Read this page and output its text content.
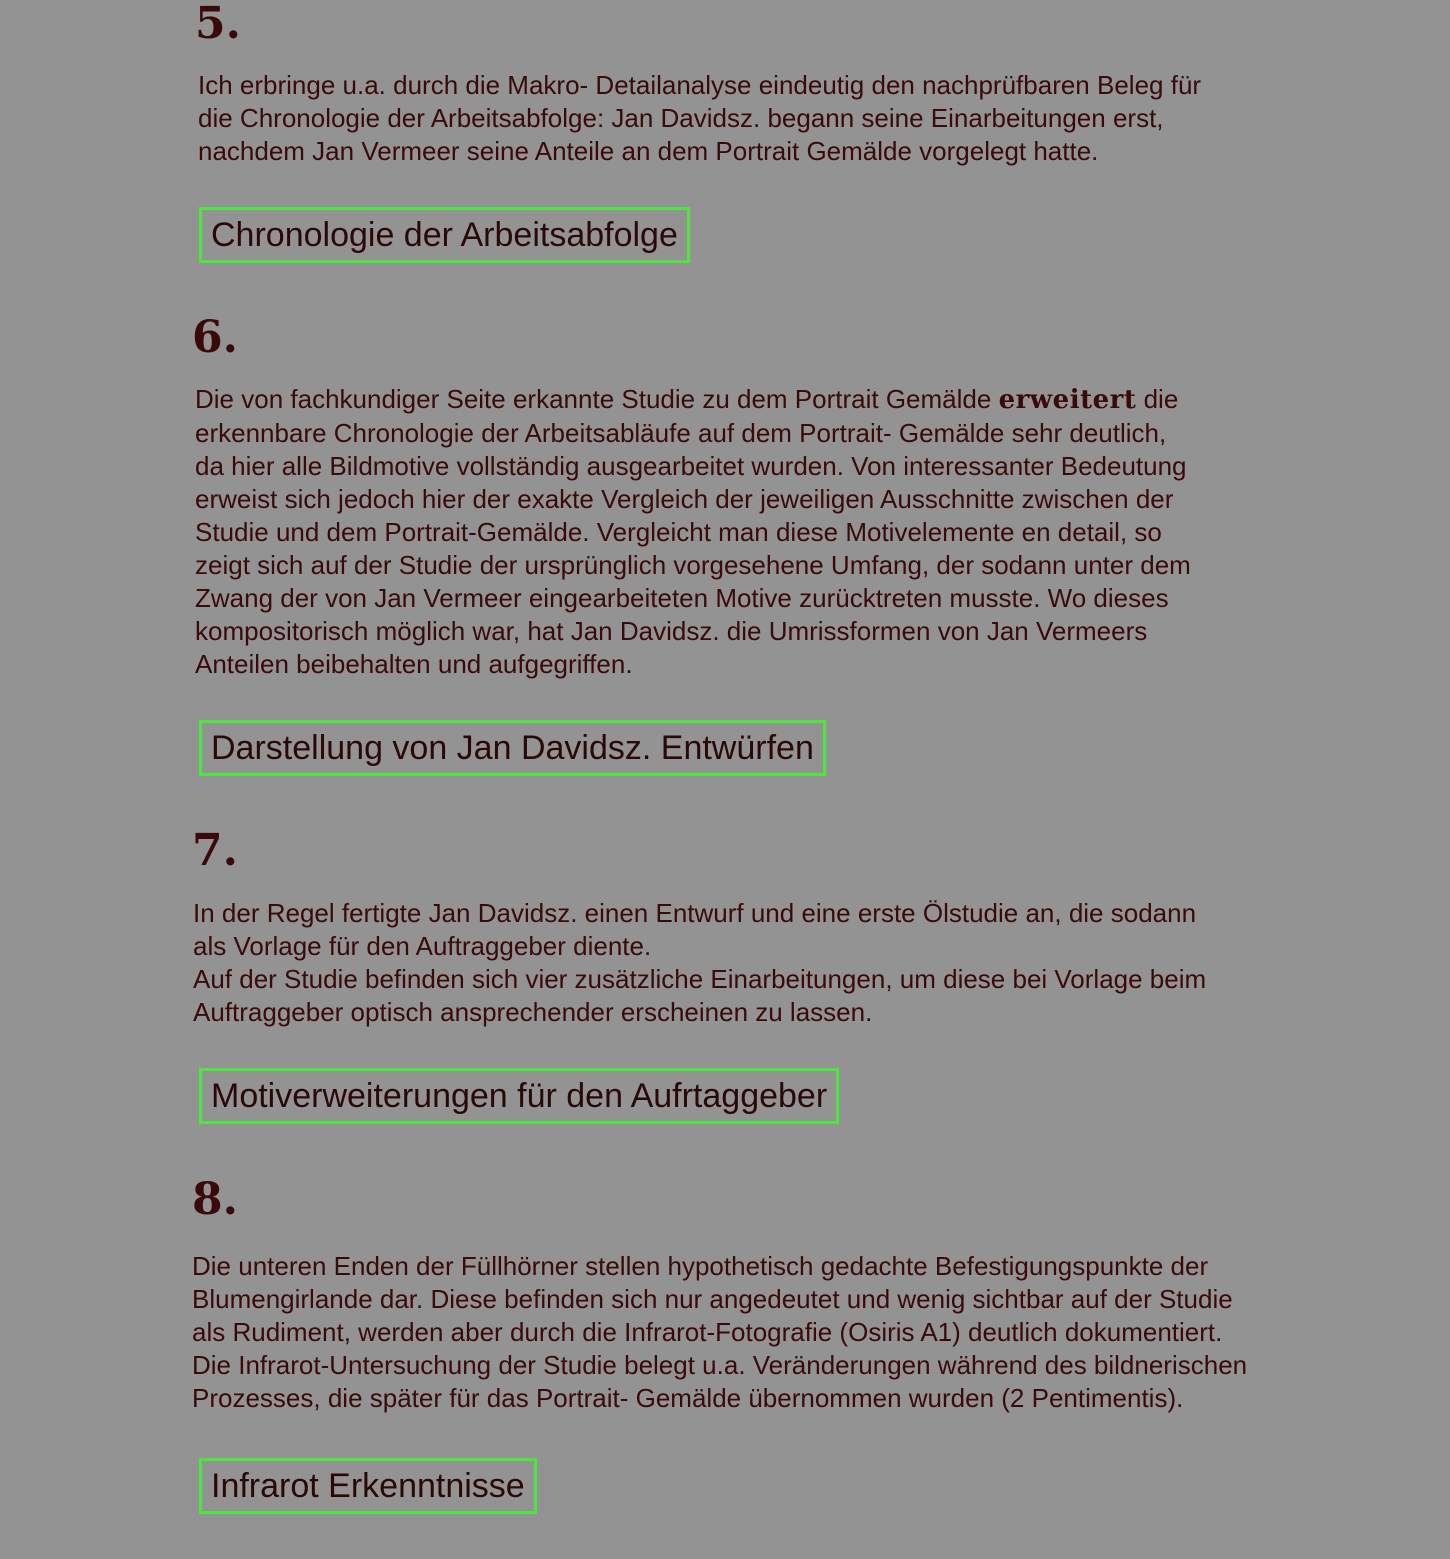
5.

Ich erbringe u.a. durch die Makro- Detailanalyse eindeutig den nachprüfbaren Beleg für
die Chronologie der Arbeitsabfolge: Jan Davidsz. begann seine Einarbeitungen erst,
nachdem Jan Vermeer seine Anteile an dem Portrait Gemälde vorgelegt hatte.

Chronologie der Arbeitsabfolge
6.

Die von fachkundiger Seite erkannte Studie zu dem Portrait Gemälde erweitert die
erkennbare Chronologie der Arbeitsabläufe auf dem Portrait- Gemälde sehr deutlich,
da hier alle Bildmotive vollständig ausgearbeitet wurden. Von interessanter Bedeutung
erweist sich jedoch hier der exakte Vergleich der jeweiligen Ausschnitte zwischen der
Studie und dem Portrait-Gemälde. Vergleicht man diese Motivelemente en detail, so
zeigt sich auf der Studie der ursprünglich vorgesehene Umfang, der sodann unter dem
Zwang der von Jan Vermeer eingearbeiteten Motive zurücktreten musste. Wo dieses
kompositorisch möglich war, hat Jan Davidsz. die Umrissformen von Jan Vermeers
Anteilen beibehalten und aufgegriffen.

Darstellung von Jan Davidsz. Entwürfen
7.

In der Regel fertigte Jan Davidsz. einen Entwurf und eine erste Ölstudie an, die sodann
als Vorlage für den Auftraggeber diente.
Auf der Studie befinden sich vier zusätzliche Einarbeitungen, um diese bei Vorlage beim
Auftraggeber optisch ansprechender erscheinen zu lassen.

Motiverweiterungen für den Aufrtaggeber
8.

Die unteren Enden der Füllhörner stellen hypothetisch gedachte Befestigungspunkte der
Blumengirlande dar. Diese befinden sich nur angedeutet und wenig sichtbar auf der Studie
als Rudiment, werden aber durch die Infrarot-Fotografie (Osiris A1) deutlich dokumentiert.
Die Infrarot-Untersuchung der Studie belegt u.a. Veränderungen während des bildnerischen
Prozesses, die später für das Portrait- Gemälde übernommen wurden (2 Pentimentis).

Infrarot Erkenntnisse
